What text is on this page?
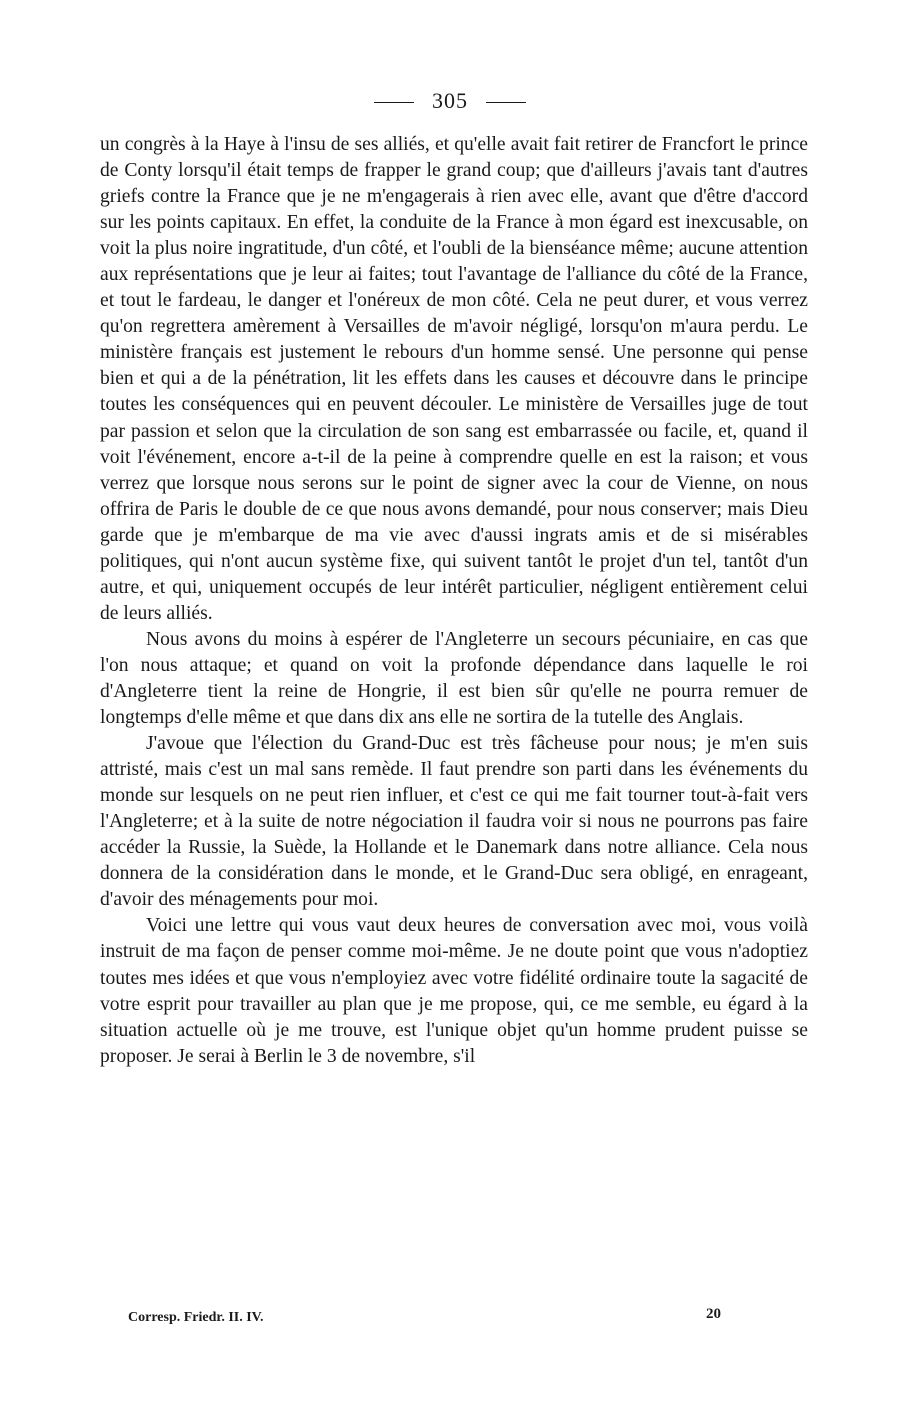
305

un congrès à la Haye à l'insu de ses alliés, et qu'elle avait fait retirer de Francfort le prince de Conty lorsqu'il était temps de frapper le grand coup; que d'ailleurs j'avais tant d'autres griefs contre la France que je ne m'engagerais à rien avec elle, avant que d'être d'accord sur les points capitaux. En effet, la conduite de la France à mon égard est inexcusable, on voit la plus noire ingratitude, d'un côté, et l'oubli de la bienséance même; aucune attention aux représentations que je leur ai faites; tout l'avantage de l'alliance du côté de la France, et tout le fardeau, le danger et l'onéreux de mon côté. Cela ne peut durer, et vous verrez qu'on regrettera amèrement à Versailles de m'avoir négligé, lorsqu'on m'aura perdu. Le ministère français est justement le rebours d'un homme sensé. Une personne qui pense bien et qui a de la pénétration, lit les effets dans les causes et découvre dans le principe toutes les conséquences qui en peuvent découler. Le ministère de Versailles juge de tout par passion et selon que la circulation de son sang est embarrassée ou facile, et, quand il voit l'événement, encore a-t-il de la peine à comprendre quelle en est la raison; et vous verrez que lorsque nous serons sur le point de signer avec la cour de Vienne, on nous offrira de Paris le double de ce que nous avons demandé, pour nous conserver; mais Dieu garde que je m'embarque de ma vie avec d'aussi ingrats amis et de si misérables politiques, qui n'ont aucun système fixe, qui suivent tantôt le projet d'un tel, tantôt d'un autre, et qui, uniquement occupés de leur intérêt particulier, négligent entièrement celui de leurs alliés.

Nous avons du moins à espérer de l'Angleterre un secours pécuniaire, en cas que l'on nous attaque; et quand on voit la profonde dépendance dans laquelle le roi d'Angleterre tient la reine de Hongrie, il est bien sûr qu'elle ne pourra remuer de longtemps d'elle même et que dans dix ans elle ne sortira de la tutelle des Anglais.

J'avoue que l'élection du Grand-Duc est très fâcheuse pour nous; je m'en suis attristé, mais c'est un mal sans remède. Il faut prendre son parti dans les événements du monde sur lesquels on ne peut rien influer, et c'est ce qui me fait tourner tout-à-fait vers l'Angleterre; et à la suite de notre négociation il faudra voir si nous ne pourrons pas faire accéder la Russie, la Suède, la Hollande et le Danemark dans notre alliance. Cela nous donnera de la considération dans le monde, et le Grand-Duc sera obligé, en enrageant, d'avoir des ménagements pour moi.

Voici une lettre qui vous vaut deux heures de conversation avec moi, vous voilà instruit de ma façon de penser comme moi-même. Je ne doute point que vous n'adoptiez toutes mes idées et que vous n'employiez avec votre fidélité ordinaire toute la sagacité de votre esprit pour travailler au plan que je me propose, qui, ce me semble, eu égard à la situation actuelle où je me trouve, est l'unique objet qu'un homme prudent puisse se proposer. Je serai à Berlin le 3 de novembre, s'il

Corresp. Friedr. II. IV.	20
